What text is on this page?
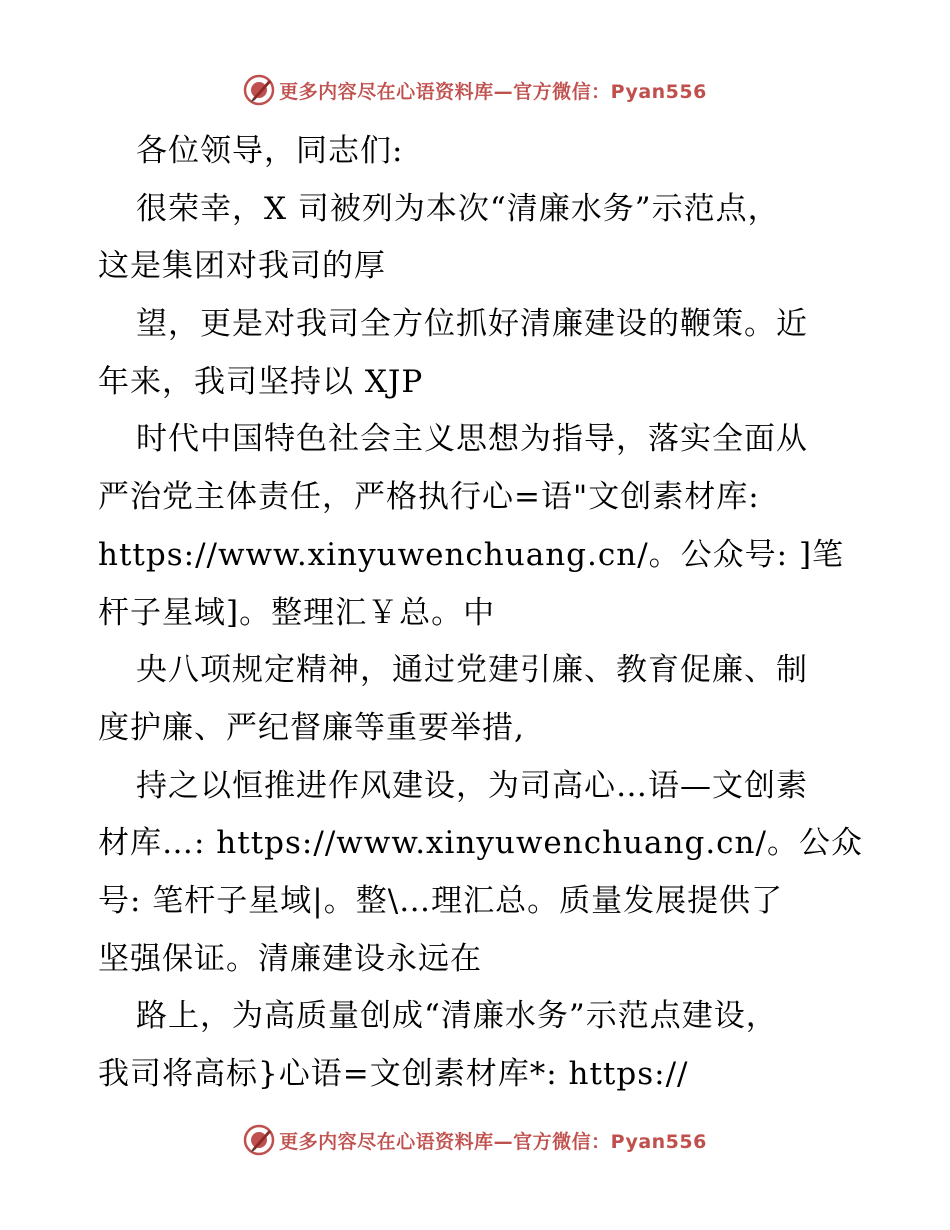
更多内容尽在心语资料库—官方微信：Pyan556
各位领导，同志们:
很荣幸，X 司被列为本次“清廉水务”示范点，
这是集团对我司的厚
望，更是对我司全方位抓好清廉建设的鞭策。近
年来，我司坚持以 XJP
时代中国特色社会主义思想为指导，落实全面从
严治党主体责任，严格执行心=语"文创素材库:
https://www.xinyuwenchuang.cn/。公众号: ]笔
杆子星域]。整理汇￥总。中
央八项规定精神，通过党建引廉、教育促廉、制
度护廉、严纪督廉等重要举措,
持之以恒推进作风建设，为司高心…语—文创素
材库…: https://www.xinyuwenchuang.cn/。公众
号: 笔杆子星域|。整\…理汇总。质量发展提供了
坚强保证。清廉建设永远在
路上，为高质量创成“清廉水务”示范点建设，
我司将高标}心语=文创素材库*: https://
更多内容尽在心语资料库—官方微信：Pyan556
